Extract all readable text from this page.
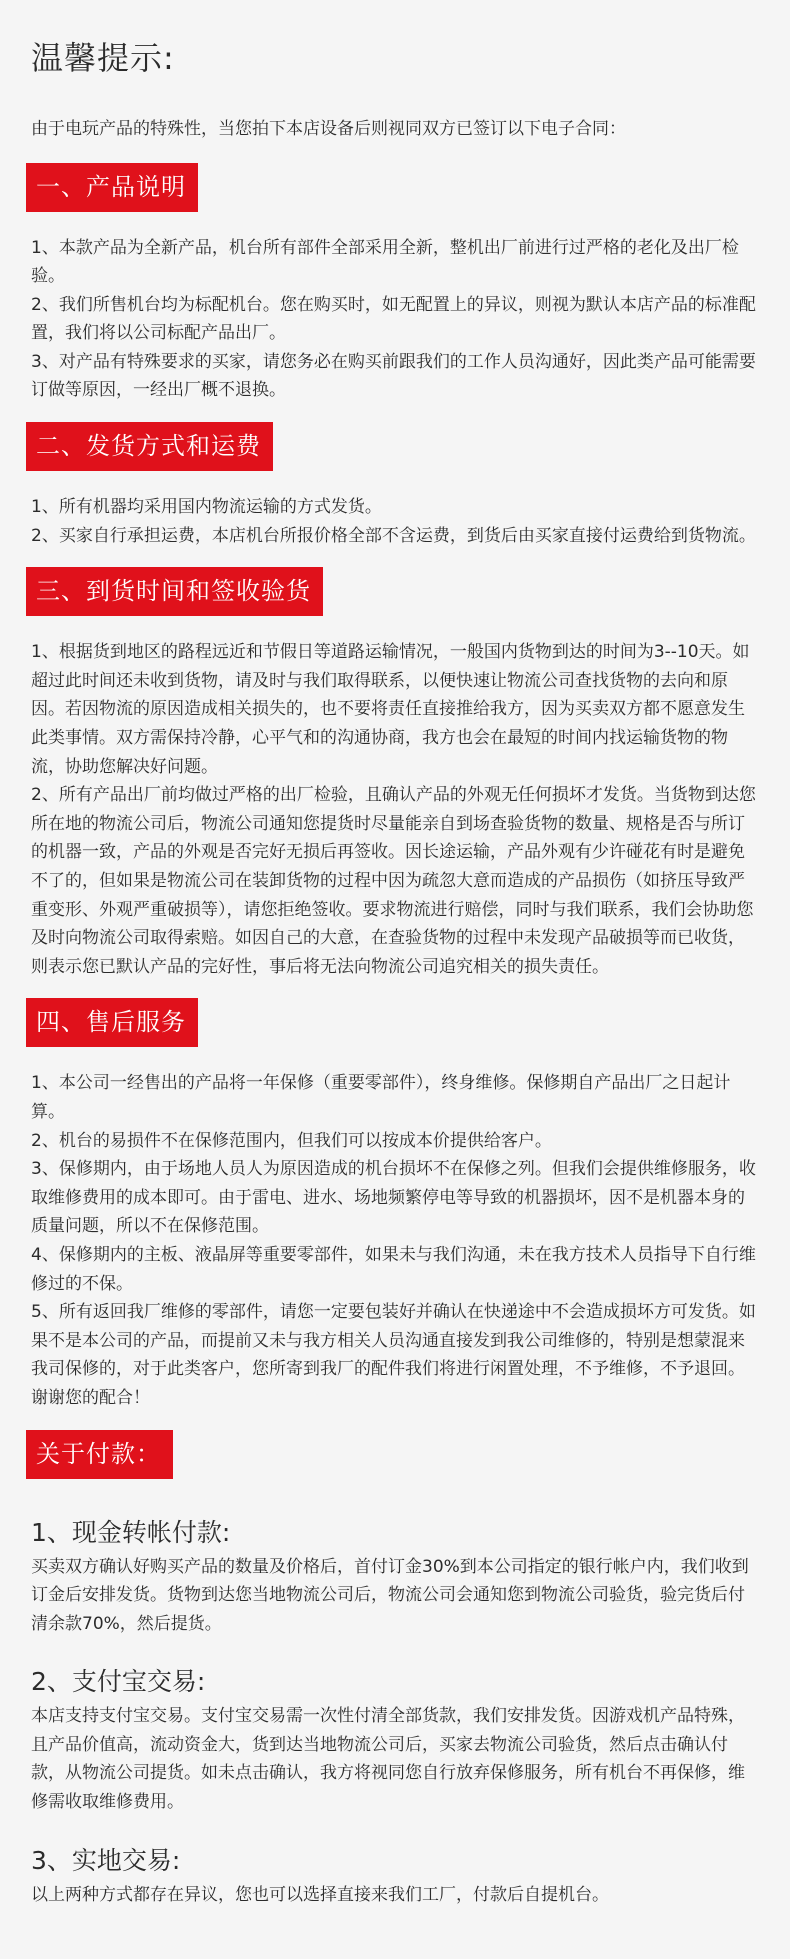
温馨提示:
由于电玩产品的特殊性，当您拍下本店设备后则视同双方已签订以下电子合同：
一、产品说明

1、本款产品为全新产品，机台所有部件全部采用全新，整机出厂前进行过严格的老化及出厂检验。

2、我们所售机台均为标配机台。您在购买时，如无配置上的异议，则视为默认本店产品的标准配置，我们将以公司标配产品出厂。

3、对产品有特殊要求的买家，请您务必在购买前跟我们的工作人员沟通好，因此类产品可能需要订做等原因，一经出厂概不退换。

二、发货方式和运费

1、所有机器均采用国内物流运输的方式发货。

2、买家自行承担运费，本店机台所报价格全部不含运费，到货后由买家直接付运费给到货物流。

三、到货时间和签收验货

1、根据货到地区的路程远近和节假日等道路运输情况，一般国内货物到达的时间为3--10天。如超过此时间还未收到货物，请及时与我们取得联系，以便快速让物流公司查找货物的去向和原因。若因物流的原因造成相关损失的，也不要将责任直接推给我方，因为买卖双方都不愿意发生此类事情。双方需保持冷静，心平气和的沟通协商，我方也会在最短的时间内找运输货物的物流，协助您解决好问题。

2、所有产品出厂前均做过严格的出厂检验，且确认产品的外观无任何损坏才发货。当货物到达您所在地的物流公司后，物流公司通知您提货时尽量能亲自到场查验货物的数量、规格是否与所订的机器一致，产品的外观是否完好无损后再签收。因长途运输，产品外观有少许碰花有时是避免不了的，但如果是物流公司在装卸货物的过程中因为疏忽大意而造成的产品损伤（如挤压导致严重变形、外观严重破损等），请您拒绝签收。要求物流进行赔偿，同时与我们联系，我们会协助您及时向物流公司取得索赔。如因自己的大意，在查验货物的过程中未发现产品破损等而已收货，则表示您已默认产品的完好性，事后将无法向物流公司追究相关的损失责任。

四、售后服务

1、本公司一经售出的产品将一年保修（重要零部件），终身维修。保修期自产品出厂之日起计算。

2、机台的易损件不在保修范围内，但我们可以按成本价提供给客户。

3、保修期内，由于场地人员人为原因造成的机台损坏不在保修之列。但我们会提供维修服务，收取维修费用的成本即可。由于雷电、进水、场地频繁停电等导致的机器损坏，因不是机器本身的质量问题，所以不在保修范围。

4、保修期内的主板、液晶屏等重要零部件，如果未与我们沟通，未在我方技术人员指导下自行维修过的不保。

5、所有返回我厂维修的零部件，请您一定要包装好并确认在快递途中不会造成损坏方可发货。如果不是本公司的产品，而提前又未与我方相关人员沟通直接发到我公司维修的，特别是想蒙混来我司保修的，对于此类客户，您所寄到我厂的配件我们将进行闲置处理，不予维修，不予退回。谢谢您的配合！

关于付款：
1、现金转帐付款:

买卖双方确认好购买产品的数量及价格后，首付订金30%到本公司指定的银行帐户内，我们收到订金后安排发货。货物到达您当地物流公司后，物流公司会通知您到物流公司验货，验完货后付清余款70%，然后提货。

2、支付宝交易:

本店支持支付宝交易。支付宝交易需一次性付清全部货款，我们安排发货。因游戏机产品特殊，且产品价值高，流动资金大，货到达当地物流公司后，买家去物流公司验货，然后点击确认付款，从物流公司提货。如未点击确认，我方将视同您自行放弃保修服务，所有机台不再保修，维修需收取维修费用。

3、实地交易:

以上两种方式都存在异议，您也可以选择直接来我们工厂，付款后自提机台。
